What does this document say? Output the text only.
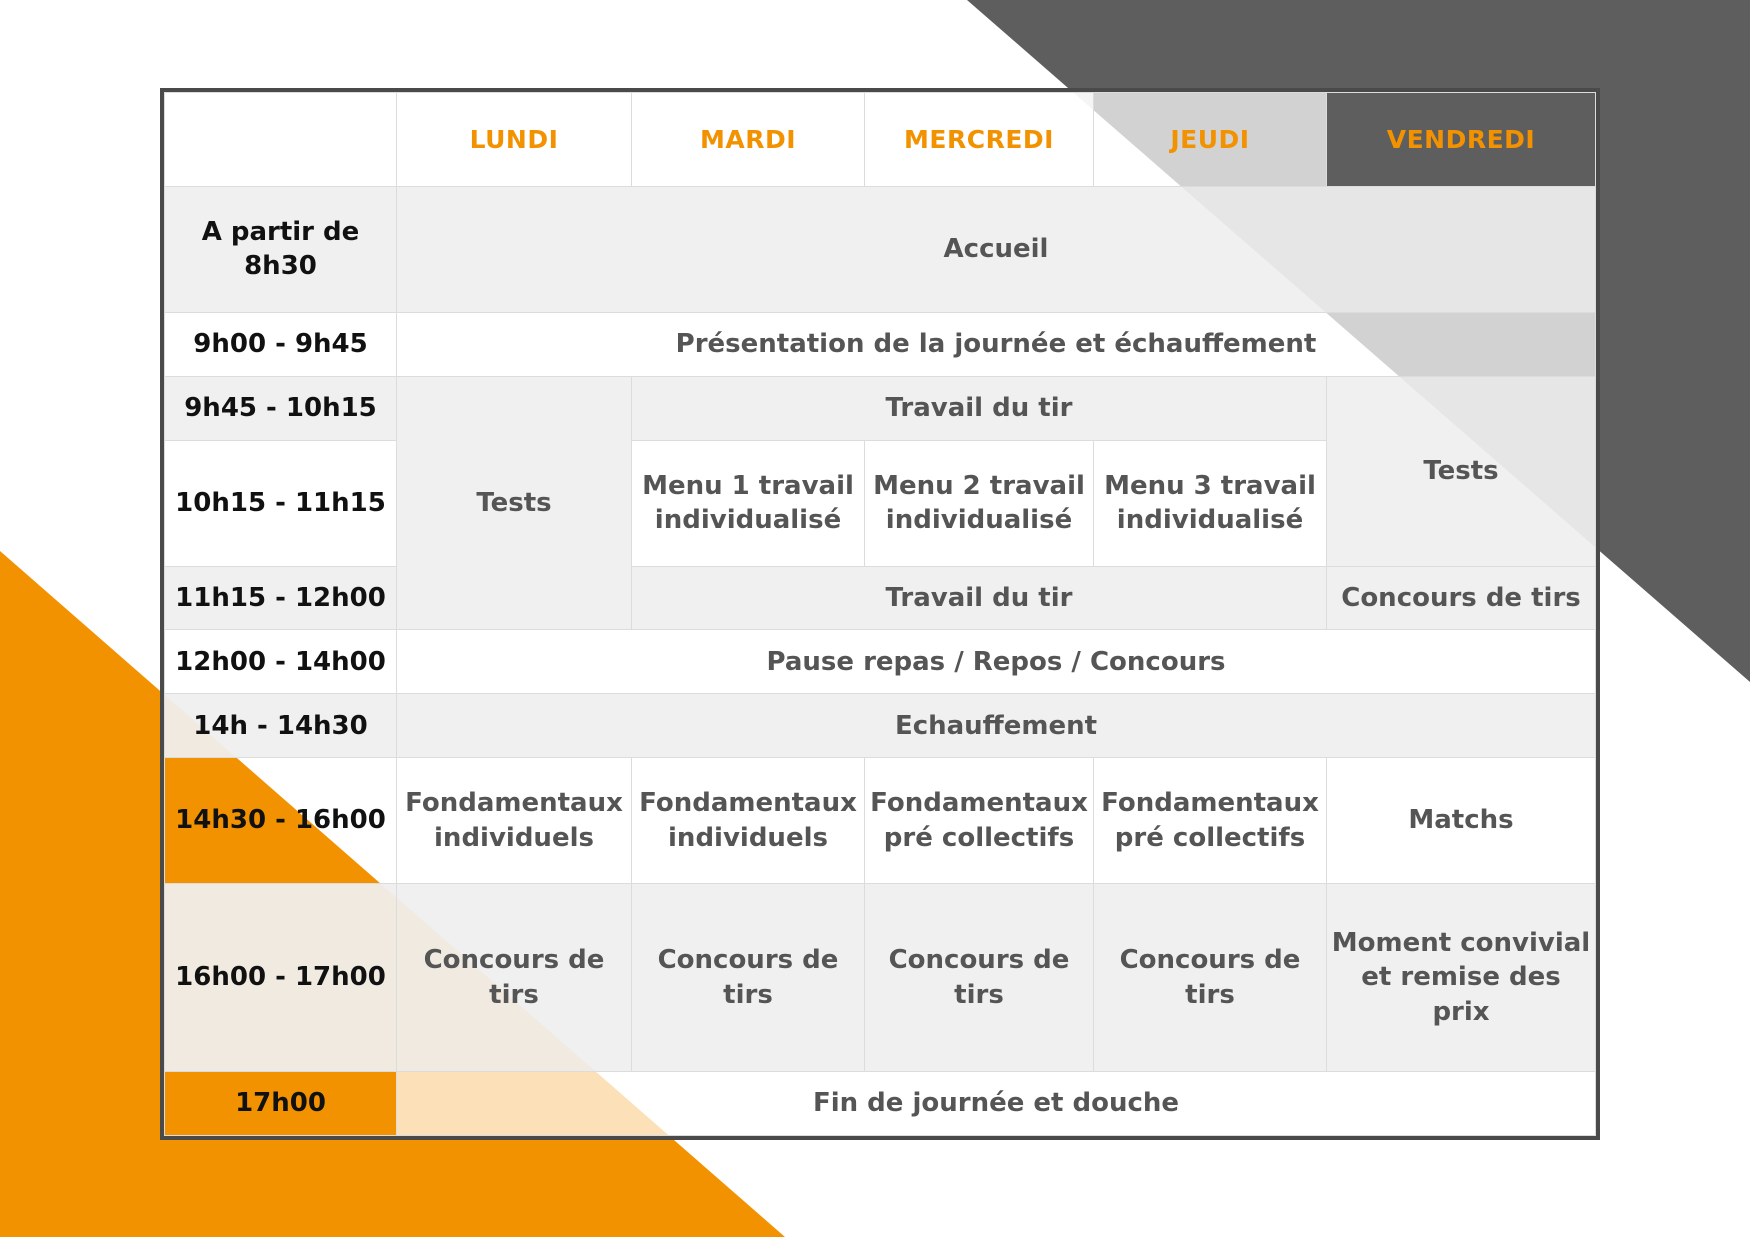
	LUNDI	MARDI	MERCREDI	JEUDI	VENDREDI
A partir de 8h30	Accueil				
9h00 - 9h45	Présentation de la journée et échauffement				
9h45 - 10h15	Tests	Travail du tir			Tests
10h15 - 11h15		Menu 1 travail individualisé	Menu 2 travail individualisé	Menu 3 travail individualisé	
11h15 - 12h00		Travail du tir			Concours de tirs
12h00 - 14h00	Pause repas / Repos / Concours				
14h - 14h30	Echauffement				
14h30 - 16h00	Fondamentaux individuels	Fondamentaux individuels	Fondamentaux pré collectifs	Fondamentaux pré collectifs	Matchs
16h00 - 17h00	Concours de tirs	Concours de tirs	Concours de tirs	Concours de tirs	Moment convivial et remise des prix
17h00	Fin de journée et douche				
